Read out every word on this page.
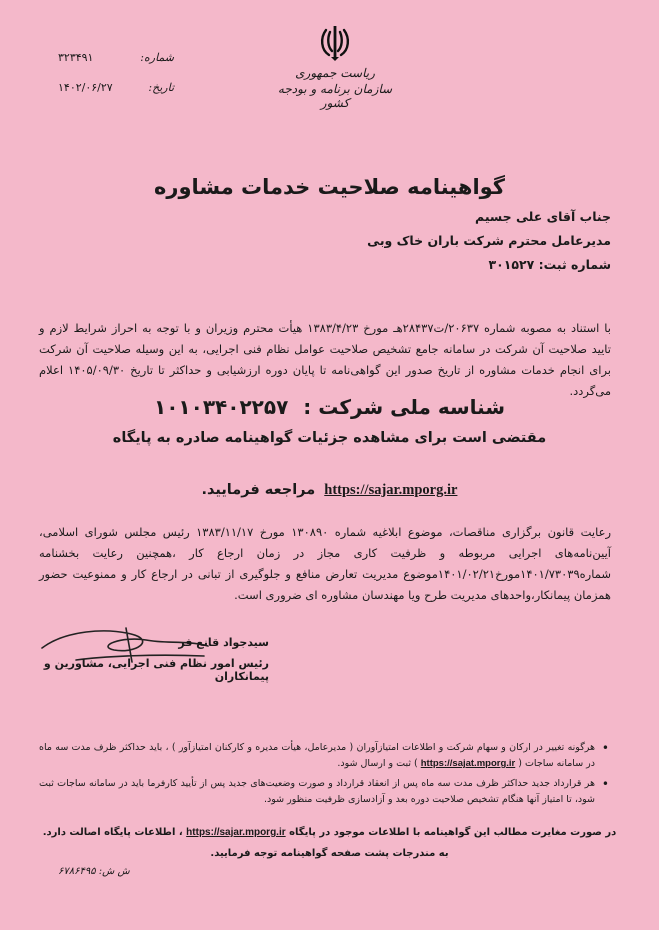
شماره:
۳۲۳۴۹۱
تاریخ:
۱۴۰۲/۰۶/۲۷
ریاست جمهوری
سازمان برنامه و بودجه کشور
گواهینامه صلاحیت خدمات مشاوره
جناب آقای علی جسیم
مدیرعامل محترم شرکت باران خاک وبی
شماره ثبت: ۳۰۱۵۲۷
با استناد به مصوبه شماره ۲۰۶۳۷/ت۲۸۴۳۷هـ مورخ ۱۳۸۳/۴/۲۳ هیأت محترم وزیران و با توجه به احراز شرایط لازم و تایید صلاحیت آن شرکت در سامانه جامع تشخیص صلاحیت عوامل نظام فنی اجرایی، به این وسیله صلاحیت آن شرکت برای انجام خدمات مشاوره از تاریخ صدور این گواهی‌نامه تا پایان دوره ارزشیابی و حداکثر تا تاریخ ۱۴۰۵/۰۹/۳۰ اعلام می‌گردد.
شناسه ملی شرکت : ۱۰۱۰۳۴۰۲۲۵۷
مقتضی است برای مشاهده جزئیات گواهینامه صادره به پایگاه
https://sajar.mporg.ir مراجعه فرمایید.
رعایت قانون برگزاری مناقصات، موضوع ابلاغیه شماره ۱۳۰۸۹۰ مورخ ۱۳۸۳/۱۱/۱۷ رئیس مجلس شورای اسلامی، آیین‌نامه‌های اجرایی مربوطه و ظرفیت کاری مجاز در زمان ارجاع کار ،همچنین رعایت بخشنامه شماره۱۴۰۱/۷۳۰۳۹مورخ۱۴۰۱/۰۲/۲۱موضوع مدیریت تعارض منافع و جلوگیری از تبانی در ارجاع کار و ممنوعیت حضور همزمان پیمانکار،واحدهای مدیریت طرح ویا مهندسان مشاوره ای ضروری است.
سیدجواد قانع فر
رئیس امور نظام فنی اجرایی، مشاورین و پیمانکاران
•
هرگونه تغییر در ارکان و سهام شرکت و اطلاعات امتیازآوران ( مدیرعامل، هیأت مدیره و کارکنان امتیازآور ) ، باید حداکثر ظرف مدت سه ماه در سامانه ساجات ( https://sajat.mporg.ir ) ثبت و ارسال شود.
•
هر قرارداد جدید حداکثر ظرف مدت سه ماه پس از انعقاد قرارداد و صورت وضعیت‌های جدید پس از تأیید کارفرما باید در سامانه ساجات ثبت شود، تا امتیاز آنها هنگام تشخیص صلاحیت دوره بعد و آزادسازی ظرفیت منظور شود.
در صورت مغایرت مطالب این گواهینامه با اطلاعات موجود در پایگاه https://sajar.mporg.ir ، اطلاعات پایگاه اصالت دارد.
به مندرجات پشت صفحه گواهینامه توجه فرمایید.
ش ش: ۶۷۸۶۴۹۵
